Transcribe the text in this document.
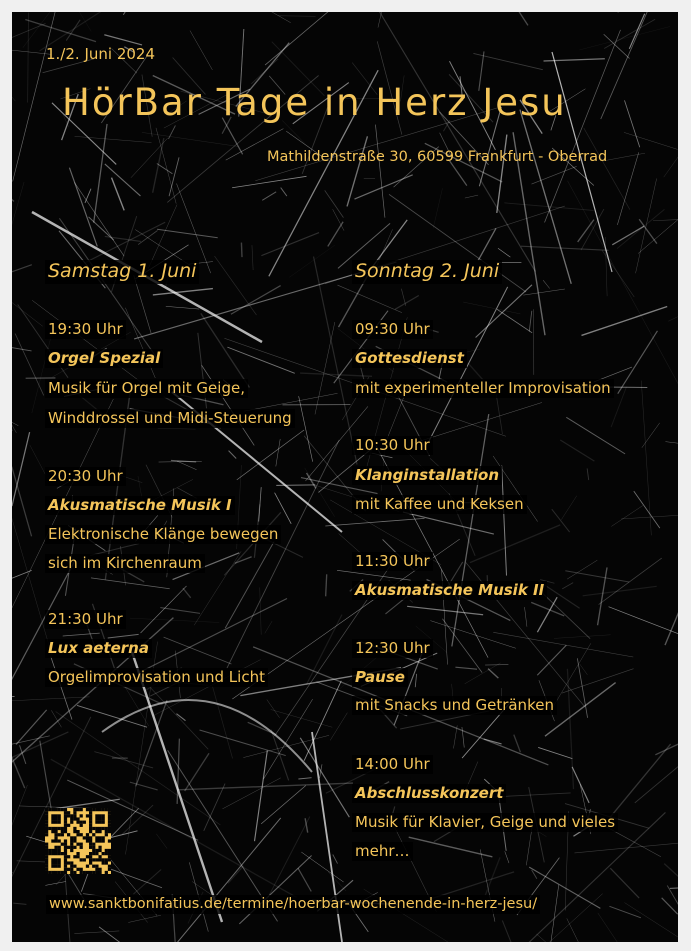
1./2. Juni 2024
HörBar Tage in Herz Jesu
Mathildenstraße 30, 60599 Frankfurt - Oberrad
Samstag 1. Juni
19:30 Uhr
Orgel Spezial
Musik für Orgel mit Geige,
Winddrossel und Midi-Steuerung
20:30 Uhr
Akusmatische Musik I
Elektronische Klänge bewegen
sich im Kirchenraum
21:30 Uhr
Lux aeterna
Orgelimprovisation und Licht
Sonntag 2. Juni
09:30 Uhr
Gottesdienst
mit experimenteller Improvisation
10:30 Uhr
Klanginstallation
mit Kaffee und Keksen
11:30 Uhr
Akusmatische Musik II
12:30 Uhr
Pause
mit Snacks und Getränken
14:00 Uhr
Abschlusskonzert
Musik für Klavier, Geige und vieles
mehr…
www.sanktbonifatius.de/termine/hoerbar-wochenende-in-herz-jesu/
